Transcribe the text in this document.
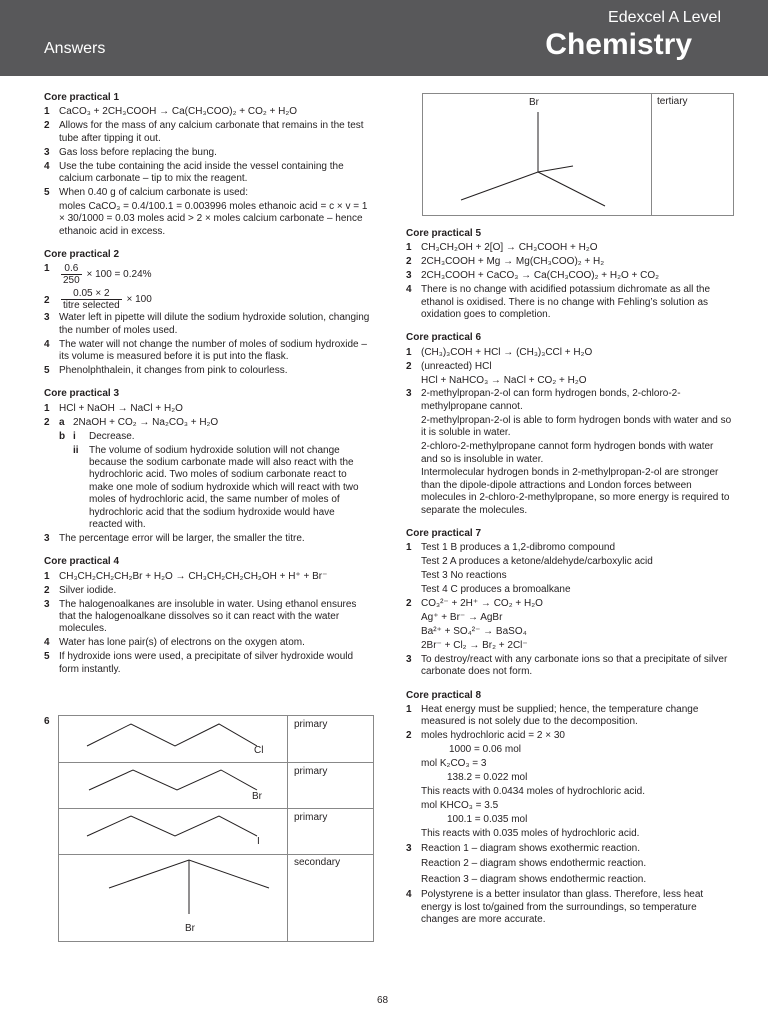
Answers
Edexcel A Level
Chemistry
Core practical 1
1 CaCO₃ + 2CH₃COOH → Ca(CH₃COO)₂ + CO₂ + H₂O
2 Allows for the mass of any calcium carbonate that remains in the test tube after tipping it out.
3 Gas loss before replacing the bung.
4 Use the tube containing the acid inside the vessel containing the calcium carbonate – tip to mix the reagent.
5 When 0.40 g of calcium carbonate is used:
moles CaCO₃ = 0.4/100.1 = 0.003996 moles ethanoic acid = c × v = 1 × 30/1000 = 0.03 moles acid > 2 × moles calcium carbonate – hence ethanoic acid in excess.
Core practical 2
$1 \frac{0.6}{250} \times 100 = 0.24\%$
$2 \frac{0.05 \times 2}{\text{titre selected}} \times 100$
3 Water left in pipette will dilute the sodium hydroxide solution, changing the number of moles used.
4 The water will not change the number of moles of sodium hydroxide – its volume is measured before it is put into the flask.
5 Phenolphthalein, it changes from pink to colourless.
Core practical 3
1 HCl + NaOH → NaCl + H₂O
2 a 2NaOH + CO₂ → Na₂CO₃ + H₂O
b i Decrease.
ii The volume of sodium hydroxide solution will not change because the sodium carbonate made will also react with the hydrochloric acid. Two moles of sodium carbonate react to make one mole of sodium hydroxide which will react with two moles of hydrochloric acid, the same number of moles of hydrochloric acid that the sodium hydroxide would have reacted with.
3 The percentage error will be larger, the smaller the titre.
Core practical 4
1 CH₃CH₂CH₂CH₂Br + H₂O → CH₃CH₂CH₂CH₂OH + H⁺ + Br⁻
2 Silver iodide.
3 The halogenoalkanes are insoluble in water. Using ethanol ensures that the halogenoalkane dissolves so it can react with the water molecules.
4 Water has lone pair(s) of electrons on the oxygen atom.
5 If hydroxide ions were used, a precipitate of silver hydroxide would form instantly.
6
Cl
Br
I
Br
primary
primary
primary
secondary
Br	tertiary
Core practical 5
1 CH₃CH₂OH + 2[O] → CH₃COOH + H₂O
2 2CH₃COOH + Mg → Mg(CH₃COO)₂ + H₂
3 2CH₃COOH + CaCO₃ → Ca(CH₃COO)₂ + H₂O + CO₂
4 There is no change with acidified potassium dichromate as all the ethanol is oxidised. There is no change with Fehling’s solution as oxidation goes to completion.
Core practical 6
1 (CH₃)₃COH + HCl → (CH₃)₃CCl + H₂O
2 (unreacted) HCl
HCl + NaHCO₃ → NaCl + CO₂ + H₂O
3 2-methylpropan-2-ol can form hydrogen bonds, 2-chloro-2-methylpropane cannot.
2-methylpropan-2-ol is able to form hydrogen bonds with water and so it is soluble in water.
2-chloro-2-methylpropane cannot form hydrogen bonds with water and so is insoluble in water.
Intermolecular hydrogen bonds in 2-methylpropan-2-ol are stronger than the dipole-dipole attractions and London forces between molecules in 2-chloro-2-methylpropane, so more energy is required to separate the molecules.
Core practical 7
1 Test 1 B produces a 1,2-dibromo compound
Test 2 A produces a ketone/aldehyde/carboxylic acid
Test 3 No reactions
Test 4 C produces a bromoalkane
2 CO₃²⁻ + 2H⁺ → CO₂ + H₂O
Ag⁺ + Br⁻ → AgBr
Ba²⁺ + SO₄²⁻ → BaSO₄
2Br⁻ + Cl₂ → Br₂ + 2Cl⁻
3 To destroy/react with any carbonate ions so that a precipitate of silver carbonate does not form.
Core practical 8
1 Heat energy must be supplied; hence, the temperature change measured is not solely due to the decomposition.
2 moles hydrochloric acid = 2 × 30
1000 = 0.06 mol
mol K₂CO₃ = 3
138.2 = 0.022 mol
This reacts with 0.0434 moles of hydrochloric acid.
mol KHCO₃ = 3.5
100.1 = 0.035 mol
This reacts with 0.035 moles of hydrochloric acid.
3 Reaction 1 – diagram shows exothermic reaction.
Reaction 2 – diagram shows endothermic reaction.
Reaction 3 – diagram shows endothermic reaction.
4 Polystyrene is a better insulator than glass. Therefore, less heat energy is lost to/gained from the surroundings, so temperature changes are more accurate.
68
